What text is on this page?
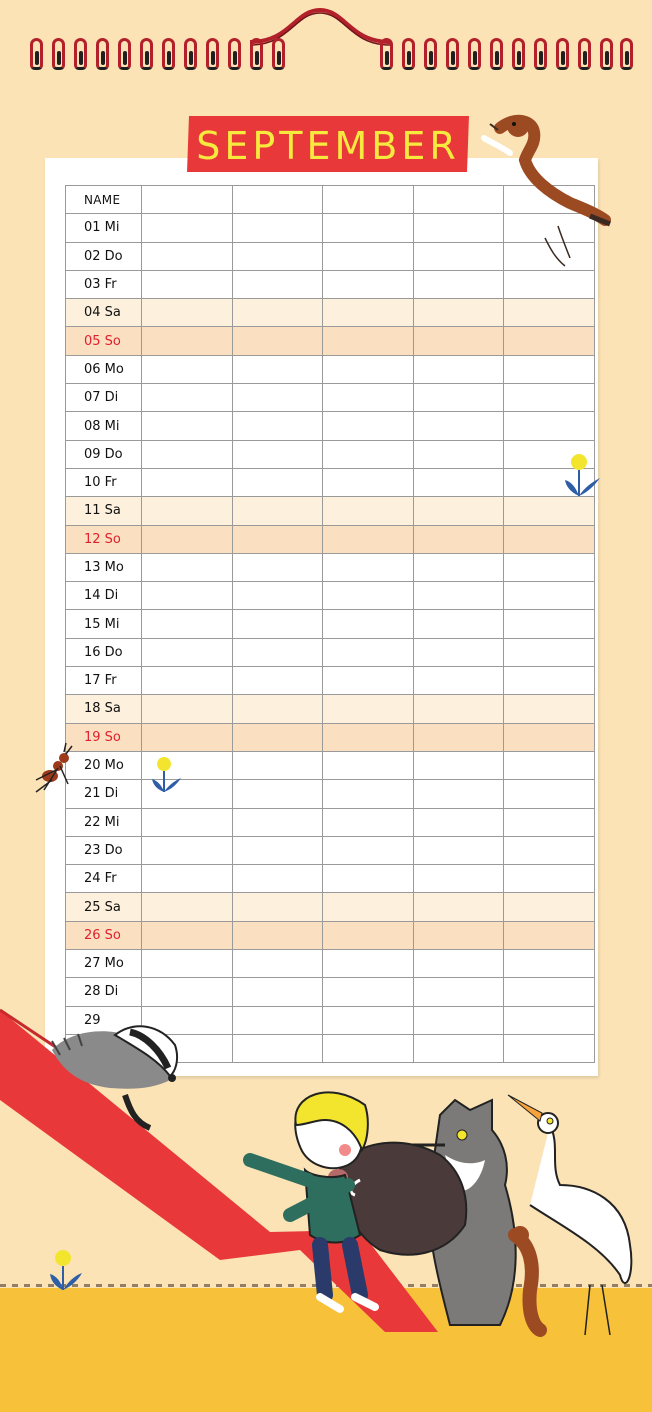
SEPTEMBER
NAME					
01 Mi					
02 Do					
03 Fr					
04 Sa					
05 So					
06 Mo					
07 Di					
08 Mi					
09 Do					
10 Fr					
11 Sa					
12 So					
13 Mo					
14 Di					
15 Mi					
16 Do					
17 Fr					
18 Sa					
19 So					
20 Mo					
21 Di					
22 Mi					
23 Do					
24 Fr					
25 Sa					
26 So					
27 Mo					
28 Di					
29					
